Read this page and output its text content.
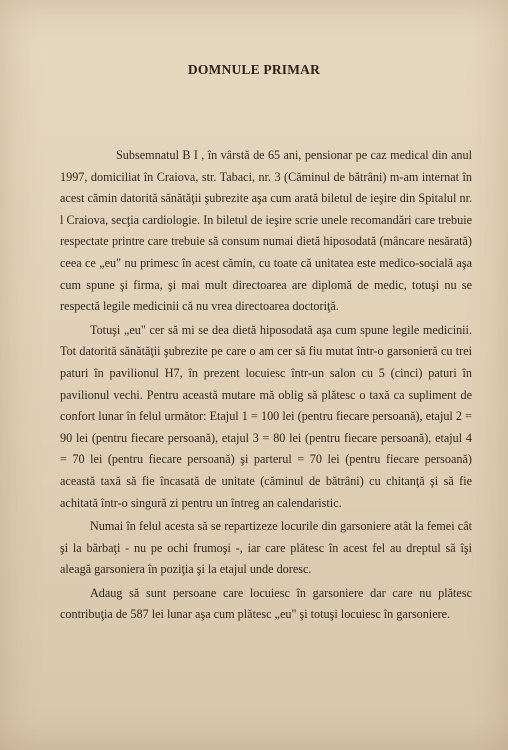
DOMNULE PRIMAR

Subsemnatul B I , în vârstă de 65 ani, pensionar pe caz medical din anul 1997, domiciliat în Craiova, str. Tabaci, nr. 3 (Căminul de bătrâni) m-am internat în acest cămin datorită sănătăţii şubrezite aşa cum arată biletul de ieşire din Spitalul nr. l Craiova, secţia cardiologie. In biletul de ieşire scrie unele recomandări care trebuie respectate printre care trebuie să consum numai dietă hiposodată (mâncare nesărată) ceea ce „eu" nu primesc în acest cămin, cu toate că unitatea este medico-socială aşa cum spune şi firma, şi mai mult directoarea are diplomă de medic, totuşi nu se respectă legile medicinii că nu vrea directoarea doctoriţă.

Totuşi „eu" cer să mi se dea dietă hiposodată aşa cum spune legile medicinii. Tot datorită sănătăţii şubrezite pe care o am cer să fiu mutat într-o garsonieră cu trei paturi în pavilionul H7, în prezent locuiesc într-un salon cu 5 (cinci) paturi în pavilionul vechi. Pentru această mutare mă oblig să plătesc o taxă ca supliment de confort lunar în felul următor: Etajul 1 = 100 lei (pentru fiecare persoană), etajul 2 = 90 lei (pentru fiecare persoană), etajul 3 = 80 lei (pentru fiecare persoană), etajul 4 = 70 lei (pentru fiecare persoană) şi parterul = 70 lei (pentru fiecare persoană) această taxă să fie încasată de unitate (căminul de bătrâni) cu chitanţă şi să fie achitată într-o singură zi pentru un întreg an calendaristic.

Numai în felul acesta să se repartizeze locurile din garsoniere atât la femei cât şi la bărbaţi - nu pe ochi frumoşi -, iar care plătesc în acest fel au dreptul să îşi aleagă garsoniera în poziţia şi la etajul unde doresc.

Adaug să sunt persoane care locuiesc în garsoniere dar care nu plătesc contribuţia de 587 lei lunar aşa cum plătesc „eu" şi totuşi locuiesc în garsoniere.
